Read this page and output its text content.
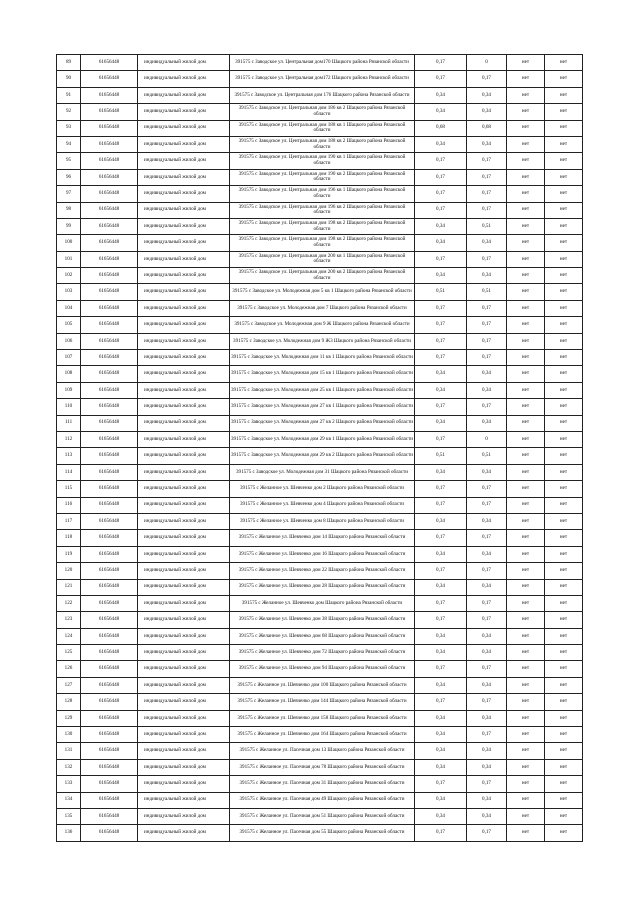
89	61656448	индивидуальный жилой дом	391575 с Заводское ул. Центральная дом170 Шацкого района Рязанской области	0,17	0	нет	нет
90	61656448	индивидуальный жилой дом	391575 с Заводское ул. Центральная дом172 Шацкого района Рязанской области	0,17	0,17	нет	нет
91	61656448	индивидуальный жилой дом	391575 с Заводское ул. Центральная дом 176 Шацкого района Рязанской области	0,34	0,34	нет	нет
92	61656448	индивидуальный жилой дом	391575 с Заводское ул. Центральная дом 186 кв 2 Шацкого района Рязанской области	0,34	0,34	нет	нет
93	61656448	индивидуальный жилой дом	391575 с Заводское ул. Центральная дом 188 кв 1 Шацкого района Рязанской области	0,68	0,68	нет	нет
94	61656448	индивидуальный жилой дом	391575 с Заводское ул. Центральная дом 188 кв 2 Шацкого района Рязанской области	0,34	0,34	нет	нет
95	61656448	индивидуальный жилой дом	391575 с Заводское ул. Центральная дом 190 кв 1 Шацкого района Рязанской области	0,17	0,17	нет	нет
96	61656448	индивидуальный жилой дом	391575 с Заводское ул. Центральная дом 190 кв 2 Шацкого района Рязанской области	0,17	0,17	нет	нет
97	61656448	индивидуальный жилой дом	391575 с Заводское ул. Центральная дом 196 кв 1 Шацкого района Рязанской области	0,17	0,17	нет	нет
98	61656448	индивидуальный жилой дом	391575 с Заводское ул. Центральная дом 196 кв 2 Шацкого района Рязанской области	0,17	0,17	нет	нет
99	61656448	индивидуальный жилой дом	391575 с Заводское ул. Центральная дом 198 кв 2 Шацкого района Рязанской области	0,34	0,51	нет	нет
100	61656448	индивидуальный жилой дом	391575 с Заводское ул. Центральная дом 198 кв 2 Шацкого района Рязанской области	0,34	0,34	нет	нет
101	61656448	индивидуальный жилой дом	391575 с Заводское ул. Центральная дом 200 кв 1 Шацкого района Рязанской области	0,17	0,17	нет	нет
102	61656448	индивидуальный жилой дом	391575 с Заводское ул. Центральная дом 200 кв 2 Шацкого района Рязанской области	0,34	0,34	нет	нет
103	61656448	индивидуальный жилой дом	391575 с Заводское ул. Молодежная дом 5 кв 1 Шацкого района Рязанской области	0,51	0,51	нет	нет
104	61656448	индивидуальный жилой дом	391575 с Заводское ул. Молодежная дом 7 Шацкого района Рязанской области	0,17	0,17	нет	нет
105	61656448	индивидуальный жилой дом	391575 с Заводское ул. Молодежная дом 9 Ж Шацкого района Рязанской области	0,17	0,17	нет	нет
106	61656448	индивидуальный жилой дом	391575 с Заводское ул. Молодежная дом 9 Ж3 Шацкого района Рязанской области	0,17	0,17	нет	нет
107	61656448	индивидуальный жилой дом	391575 с Заводское ул. Молодежная дом 11 кв 1 Шацкого района Рязанской области	0,17	0,17	нет	нет
108	61656448	индивидуальный жилой дом	391575 с Заводское ул. Молодежная дом 15 кв 1 Шацкого района Рязанской области	0,34	0,34	нет	нет
109	61656448	индивидуальный жилой дом	391575 с Заводское ул. Молодежная дом 25 кв 1 Шацкого района Рязанской области	0,34	0,34	нет	нет
110	61656448	индивидуальный жилой дом	391575 с Заводское ул. Молодежная дом 27 кв 1 Шацкого района Рязанской области	0,17	0,17	нет	нет
111	61656448	индивидуальный жилой дом	391575 с Заводское ул. Молодежная дом 27 кв 2 Шацкого района Рязанской области	0,34	0,34	нет	нет
112	61656448	индивидуальный жилой дом	391575 с Заводское ул. Молодежная дом 29 кв 1 Шацкого района Рязанской области	0,17	0	нет	нет
113	61656448	индивидуальный жилой дом	391575 с Заводское ул. Молодежная дом 29 кв 2 Шацкого района Рязанской области	0,51	0,51	нет	нет
114	61656448	индивидуальный жилой дом	391575 с Заводское ул. Молодежная дом 31 Шацкого района Рязанской области	0,34	0,34	нет	нет
115	61656448	индивидуальный жилой дом	391575 с Желанное ул. Шевченко дом 2 Шацкого района Рязанской области	0,17	0,17	нет	нет
116	61656448	индивидуальный жилой дом	391575 с Желанное ул. Шевченко дом 4 Шацкого района Рязанской области	0,17	0,17	нет	нет
117	61656448	индивидуальный жилой дом	391575 с Желанное ул. Шевченко дом 8 Шацкого района Рязанской области	0,34	0,34	нет	нет
118	61656448	индивидуальный жилой дом	391575 с Желанное ул. Шевченко дом 14 Шацкого района Рязанской области	0,17	0,17	нет	нет
119	61656448	индивидуальный жилой дом	391575 с Желанное ул. Шевченко дом 16 Шацкого района Рязанской области	0,34	0,34	нет	нет
120	61656448	индивидуальный жилой дом	391575 с Желанное ул. Шевченко дом 22 Шацкого района Рязанской области	0,17	0,17	нет	нет
121	61656448	индивидуальный жилой дом	391575 с Желанное ул. Шевченко дом 28 Шацкого района Рязанской области	0,34	0,34	нет	нет
122	61656448	индивидуальный жилой дом	391575 с Желанное ул. Шевченко дом Шацкого района Рязанской области	0,17	0,17	нет	нет
123	61656448	индивидуальный жилой дом	391575 с Желанное ул. Шевченко дом 38 Шацкого района Рязанской области	0,17	0,17	нет	нет
124	61656448	индивидуальный жилой дом	391575 с Желанное ул. Шевченко дом 68 Шацкого района Рязанской области	0,34	0,34	нет	нет
125	61656448	индивидуальный жилой дом	391575 с Желанное ул. Шевченко дом 72 Шацкого района Рязанской области	0,34	0,34	нет	нет
126	61656448	индивидуальный жилой дом	391575 с Желанное ул. Шевченко дом 94 Шацкого района Рязанской области	0,17	0,17	нет	нет
127	61656448	индивидуальный жилой дом	391575 с Желанное ул. Шевченко дом 100 Шацкого района Рязанской области	0,34	0,34	нет	нет
128	61656448	индивидуальный жилой дом	391575 с Желанное ул. Шевченко дом 144 Шацкого района Рязанской области	0,17	0,17	нет	нет
129	61656448	индивидуальный жилой дом	391575 с Желанное ул. Шевченко дом 158 Шацкого района Рязанской области	0,34	0,34	нет	нет
130	61656448	индивидуальный жилой дом	391575 с Желанное ул. Шевченко дом 164 Шацкого района Рязанской области	0,34	0,17	нет	нет
131	61656448	индивидуальный жилой дом	391575 с Желанное ул. Пасечная дом 13 Шацкого района Рязанской области	0,34	0,34	нет	нет
132	61656448	индивидуальный жилой дом	391575 с Желанное ул. Пасечная дом 78 Шацкого района Рязанской области	0,34	0,34	нет	нет
133	61656448	индивидуальный жилой дом	391575 с Желанное ул. Пасечная дом 31 Шацкого района Рязанской области	0,17	0,17	нет	нет
134	61656448	индивидуальный жилой дом	391575 с Желанное ул. Пасечная дом 49 Шацкого района Рязанской области	0,34	0,34	нет	нет
135	61656448	индивидуальный жилой дом	391575 с Желанное ул. Пасечная дом 51 Шацкого района Рязанской области	0,34	0,34	нет	нет
136	61656448	индивидуальный жилой дом	391575 с Желанное ул. Пасечная дом 55 Шацкого района Рязанской области	0,17	0,17	нет	нет
